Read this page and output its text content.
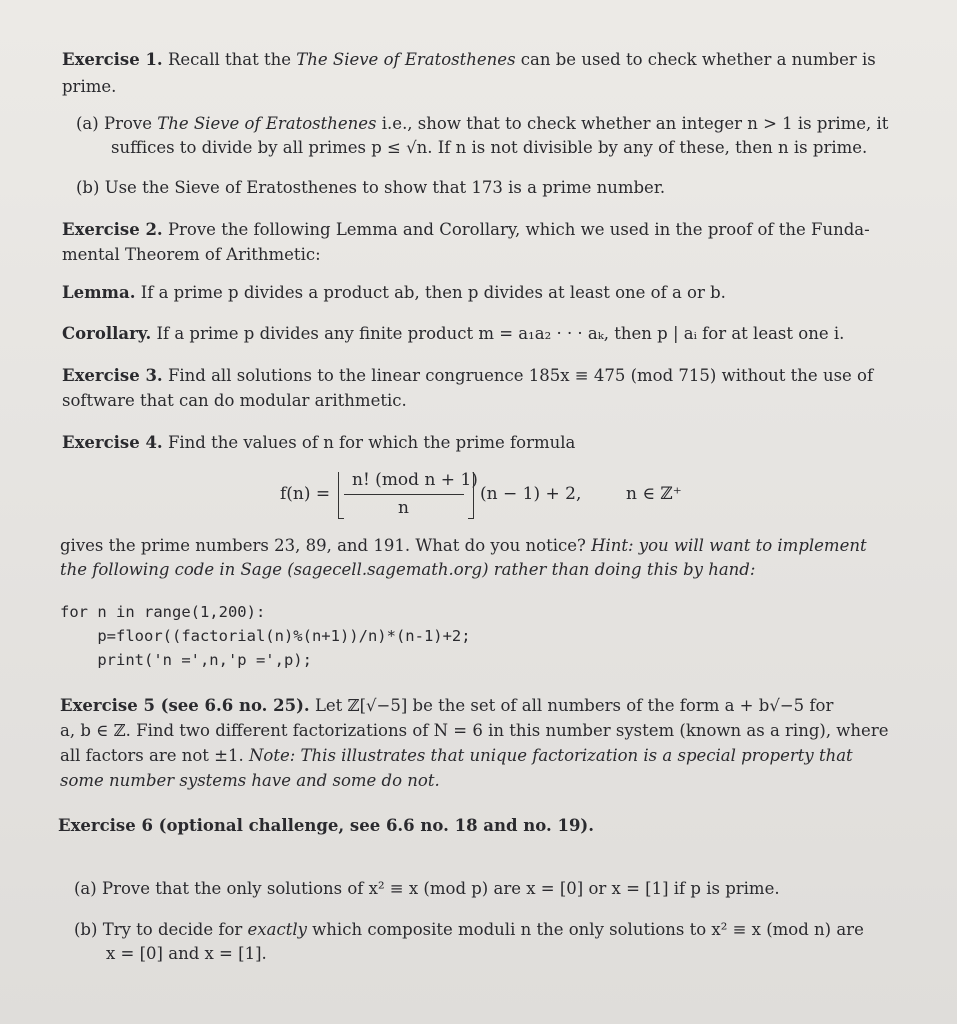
Exercise 1. Recall that the The Sieve of Eratosthenes can be used to check whether a number is

prime.

(a) Prove The Sieve of Eratosthenes i.e., show that to check whether an integer n > 1 is prime, it

suffices to divide by all primes p ≤ √n. If n is not divisible by any of these, then n is prime.

(b) Use the Sieve of Eratosthenes to show that 173 is a prime number.

Exercise 2. Prove the following Lemma and Corollary, which we used in the proof of the Funda-

mental Theorem of Arithmetic:

Lemma. If a prime p divides a product ab, then p divides at least one of a or b.

Corollary. If a prime p divides any finite product m = a₁a₂ · · · aₖ, then p | aᵢ for at least one i.

Exercise 3. Find all solutions to the linear congruence 185x ≡ 475 (mod 715) without the use of

software that can do modular arithmetic.

Exercise 4. Find the values of n for which the prime formula

f(n) =
n! (mod n + 1)
n
(n − 1) + 2,	n ∈ ℤ⁺

gives the prime numbers 23, 89, and 191. What do you notice? Hint: you will want to implement

the following code in Sage (sagecell.sagemath.org) rather than doing this by hand:

for n in range(1,200):
p=floor((factorial(n)%(n+1))/n)*(n-1)+2;
print('n =',n,'p =',p);

Exercise 5 (see 6.6 no. 25). Let ℤ[√−5] be the set of all numbers of the form a + b√−5 for

a, b ∈ ℤ. Find two different factorizations of N = 6 in this number system (known as a ring), where

all factors are not ±1. Note: This illustrates that unique factorization is a special property that

some number systems have and some do not.

Exercise 6 (optional challenge, see 6.6 no. 18 and no. 19).

(a) Prove that the only solutions of x² ≡ x (mod p) are x = [0] or x = [1] if p is prime.

(b) Try to decide for exactly which composite moduli n the only solutions to x² ≡ x (mod n) are

x = [0] and x = [1].
